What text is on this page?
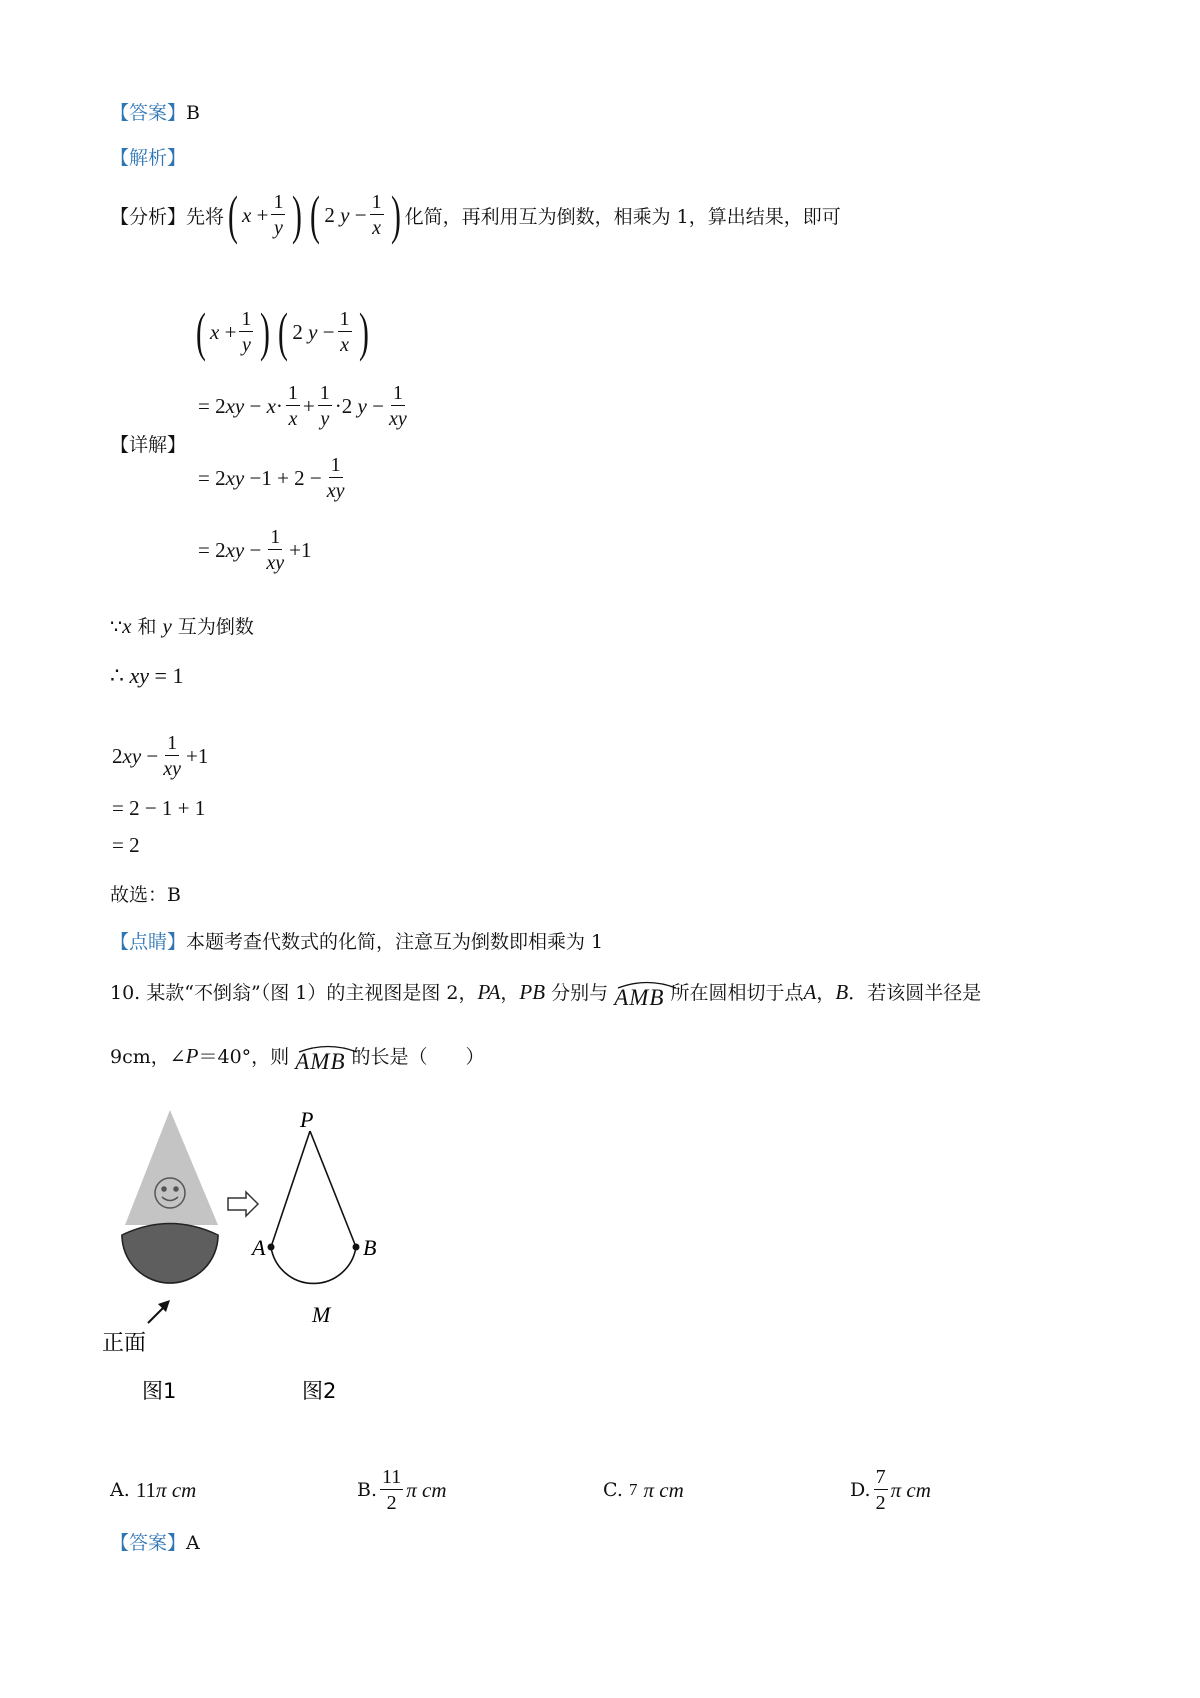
【答案】B
【解析】
【分析】 先将 ( x
+ $\frac{1}{y}$ ) ( 2
y
− $\frac{1}{x}$ ) 化简，再利用互为倒数，相乘为 1，算出结果，即可
【详解】
( x
+ $\frac{1}{y}$ ) ( 2
y
− $\frac{1}{x}$ )
= 2 xy
−
$x \cdot \frac{1}{x} + \frac{1}{y} \cdot 2$
y
− $\frac{1}{xy}$
= 2 xy
$-1 + 2 - \frac{1}{xy}$
= 2 xy
− $\frac{1}{xy} +1$
∵x 和 y 互为倒数
∴ xy = 1
2 xy
− $\frac{1}{xy} +1$
= 2 − 1 + 1
= 2
故选：B
【点睛】本题考查代数式的化简，注意互为倒数即相乘为 1
10. 某款“不倒翁”（图 1）的主视图是图 2，PA，PB 分别与 AMB 所在圆相切于点A，B．若该圆半径是
9cm，∠P＝40°，则 AMB 的长是（　　）
P
A	B
M
正面
图1	图2
A.
11 π cm	B. $\frac{11}{2}$ π cm	C.
7
π cm	D. $\frac{7}{2}$ π cm
【答案】A
